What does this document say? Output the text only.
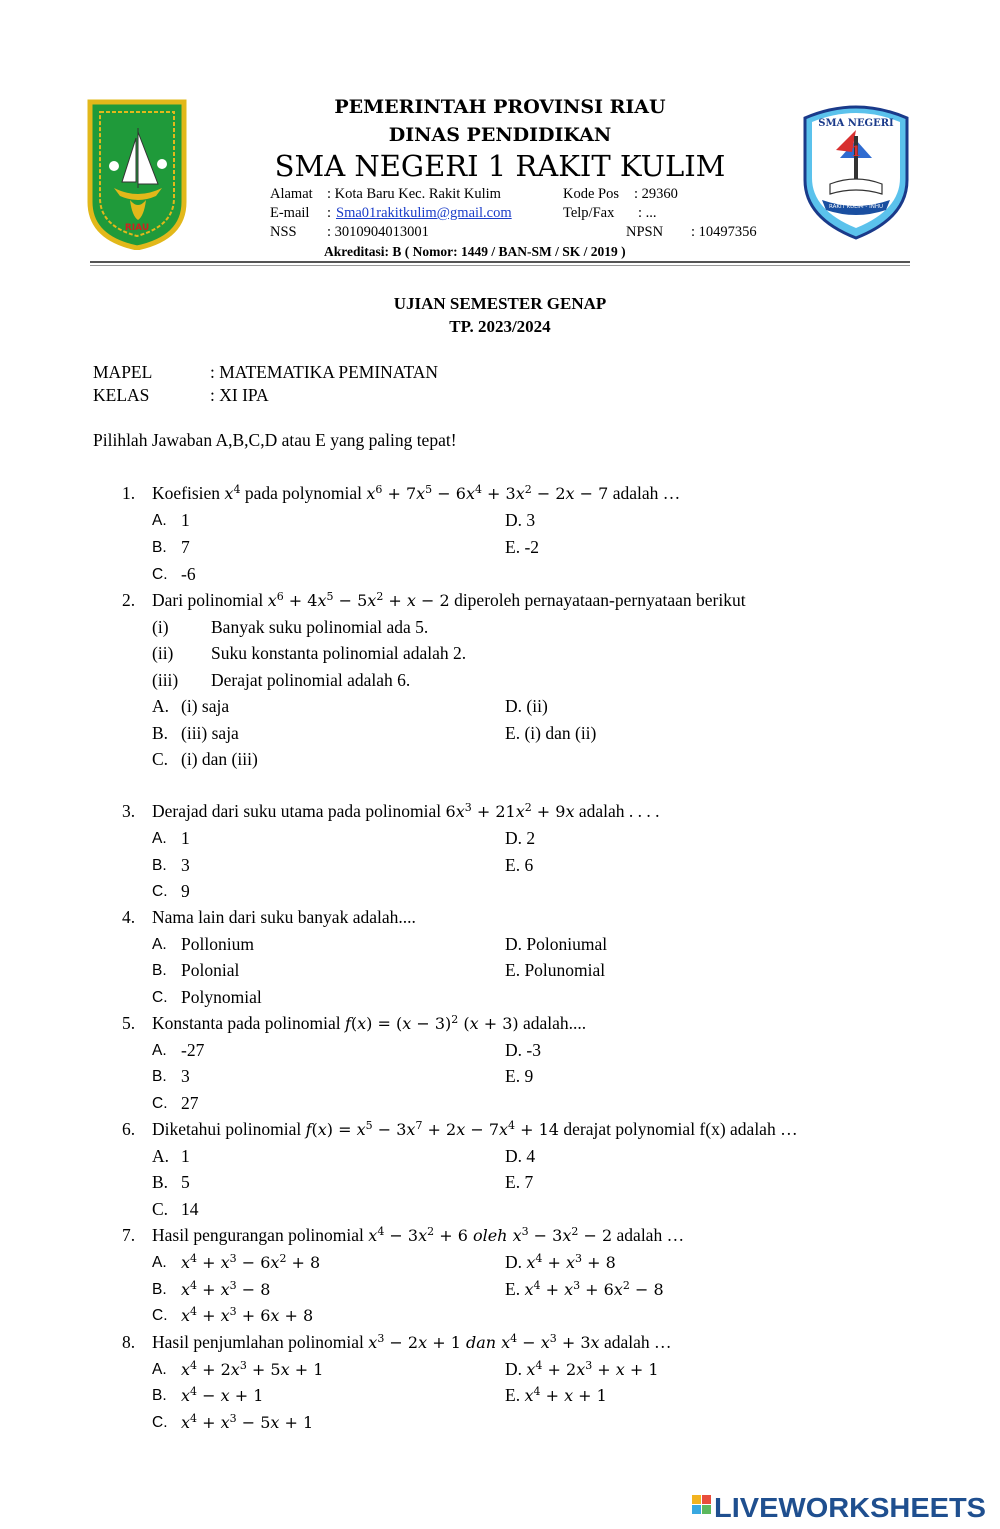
RIAU
RAKIT KULIM - INHU
SMA NEGERI
1
PEMERINTAH PROVINSI RIAU
DINAS PENDIDIKAN
SMA NEGERI 1 RAKIT KULIM
Alamat : Kota Baru Kec. Rakit Kulim	Kode Pos : 29360
E-mail : Sma01rakitkulim@gmail.com	Telp/Fax : ...
NSS : 3010904013001	NPSN : 10497356
Akreditasi: B ( Nomor: 1449 / BAN-SM / SK / 2019 )
UJIAN SEMESTER GENAP
TP. 2023/2024
MAPEL	: MATEMATIKA PEMINATAN
KELAS	: XI IPA
Pilihlah Jawaban A,B,C,D atau E yang paling tepat!
1. Koefisien $x^4$ pada polynomial $x^6 + 7x^5 - 6x^4 + 3x^2 - 2x - 7$ adalah …
A. 1
B. 7
C. -6
D. 3
E. -2
2. Dari polinomial $x^6 + 4x^5 - 5x^2 + x - 2$ diperoleh pernayataan-pernyataan berikut
(i) Banyak suku polinomial ada 5.
(ii) Suku konstanta polinomial adalah 2.
(iii) Derajat polinomial adalah 6.
A. (i) saja
B. (iii) saja
C. (i) dan (iii)
D. (ii)
E. (i) dan (ii)
3. Derajad dari suku utama pada polinomial $6x^3 + 21x^2 + 9x$ adalah . . . .
A. 1
B. 3
C. 9
D. 2
E. 6
4. Nama lain dari suku banyak adalah....
A. Pollonium
B. Polonial
C. Polynomial
D. Poloniumal
E. Polunomial
5. Konstanta pada polinomial $f(x) = (x - 3)^2$ (x + 3) adalah....
A. -27
B. 3
C. 27
D. -3
E. 9
6. Diketahui polinomial $f(x) = x^5 - 3x^7 + 2x - 7x^4 + 14$ derajat polynomial f(x) adalah …
A. 1
B. 5
C. 14
D. 4
E. 7
7. Hasil pengurangan polinomial $x^4 - 3x^2 + 6$ oleh $x^3 - 3x^2 - 2$ adalah …
A. $x^4 + x^3 - 6x^2 + 8$
B. $x^4 + x^3 - 8$
C. $x^4 + x^3 + 6x + 8$
D. $x^4 + x^3 + 8$
E. $x^4 + x^3 + 6x^2 - 8$
8. Hasil penjumlahan polinomial $x^3 - 2x + 1$ dan $x^4 - x^3 + 3x$ adalah …
A. $x^4 + 2x^3 + 5x + 1$
B. $x^4 - x + 1$
C. $x^4 + x^3 - 5x + 1$
D. $x^4 + 2x^3 + x + 1$
E. $x^4 + x + 1$
LIVEWORKSHEETS
